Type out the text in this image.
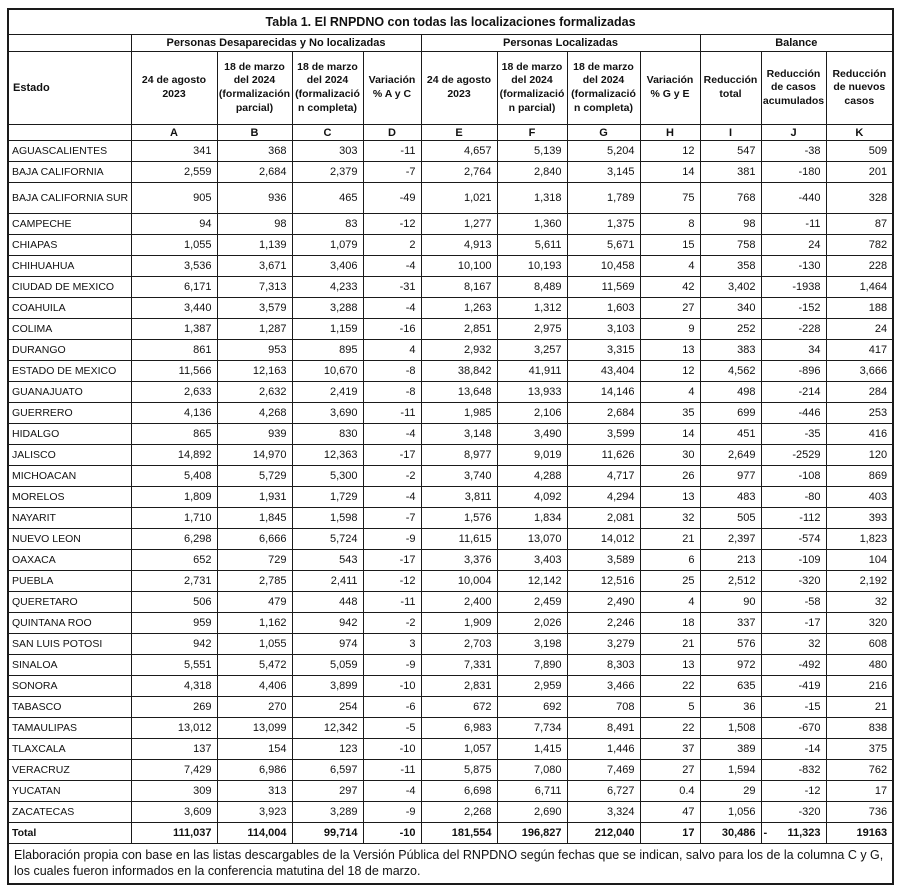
Tabla 1. El RNPDNO con todas las localizaciones formalizadas											
	Personas Desaparecidas y No localizadas				Personas Localizadas				Balance		
Estado	24 de agosto 2023	18 de marzo del 2024 (formalización parcial)	18 de marzo del 2024 (formalización completa)	Variación % A y C	24 de agosto 2023	18 de marzo del 2024 (formalización parcial)	18 de marzo del 2024 (formalización completa)	Variación % G y E	Reducción total	Reducción de casos acumulados	Reducción de nuevos casos
	A	B	C	D	E	F	G	H	I	J	K
AGUASCALIENTES	341	368	303	-11	4,657	5,139	5,204	12	547	-38	509
BAJA CALIFORNIA	2,559	2,684	2,379	-7	2,764	2,840	3,145	14	381	-180	201
BAJA CALIFORNIA SUR	905	936	465	-49	1,021	1,318	1,789	75	768	-440	328
CAMPECHE	94	98	83	-12	1,277	1,360	1,375	8	98	-11	87
CHIAPAS	1,055	1,139	1,079	2	4,913	5,611	5,671	15	758	24	782
CHIHUAHUA	3,536	3,671	3,406	-4	10,100	10,193	10,458	4	358	-130	228
CIUDAD DE MEXICO	6,171	7,313	4,233	-31	8,167	8,489	11,569	42	3,402	-1938	1,464
COAHUILA	3,440	3,579	3,288	-4	1,263	1,312	1,603	27	340	-152	188
COLIMA	1,387	1,287	1,159	-16	2,851	2,975	3,103	9	252	-228	24
DURANGO	861	953	895	4	2,932	3,257	3,315	13	383	34	417
ESTADO DE MEXICO	11,566	12,163	10,670	-8	38,842	41,911	43,404	12	4,562	-896	3,666
GUANAJUATO	2,633	2,632	2,419	-8	13,648	13,933	14,146	4	498	-214	284
GUERRERO	4,136	4,268	3,690	-11	1,985	2,106	2,684	35	699	-446	253
HIDALGO	865	939	830	-4	3,148	3,490	3,599	14	451	-35	416
JALISCO	14,892	14,970	12,363	-17	8,977	9,019	11,626	30	2,649	-2529	120
MICHOACAN	5,408	5,729	5,300	-2	3,740	4,288	4,717	26	977	-108	869
MORELOS	1,809	1,931	1,729	-4	3,811	4,092	4,294	13	483	-80	403
NAYARIT	1,710	1,845	1,598	-7	1,576	1,834	2,081	32	505	-112	393
NUEVO LEON	6,298	6,666	5,724	-9	11,615	13,070	14,012	21	2,397	-574	1,823
OAXACA	652	729	543	-17	3,376	3,403	3,589	6	213	-109	104
PUEBLA	2,731	2,785	2,411	-12	10,004	12,142	12,516	25	2,512	-320	2,192
QUERETARO	506	479	448	-11	2,400	2,459	2,490	4	90	-58	32
QUINTANA ROO	959	1,162	942	-2	1,909	2,026	2,246	18	337	-17	320
SAN LUIS POTOSI	942	1,055	974	3	2,703	3,198	3,279	21	576	32	608
SINALOA	5,551	5,472	5,059	-9	7,331	7,890	8,303	13	972	-492	480
SONORA	4,318	4,406	3,899	-10	2,831	2,959	3,466	22	635	-419	216
TABASCO	269	270	254	-6	672	692	708	5	36	-15	21
TAMAULIPAS	13,012	13,099	12,342	-5	6,983	7,734	8,491	22	1,508	-670	838
TLAXCALA	137	154	123	-10	1,057	1,415	1,446	37	389	-14	375
VERACRUZ	7,429	6,986	6,597	-11	5,875	7,080	7,469	27	1,594	-832	762
YUCATAN	309	313	297	-4	6,698	6,711	6,727	0.4	29	-12	17
ZACATECAS	3,609	3,923	3,289	-9	2,268	2,690	3,324	47	1,056	-320	736
Total	111,037	114,004	99,714	-10	181,554	196,827	212,040	17	30,486	- 11,323	19163
Elaboración propia con base en las listas descargables de la Versión Pública del RNPDNO según fechas que se indican, salvo para los de la columna C y G, los cuales fueron informados en la conferencia matutina del 18 de marzo.											
